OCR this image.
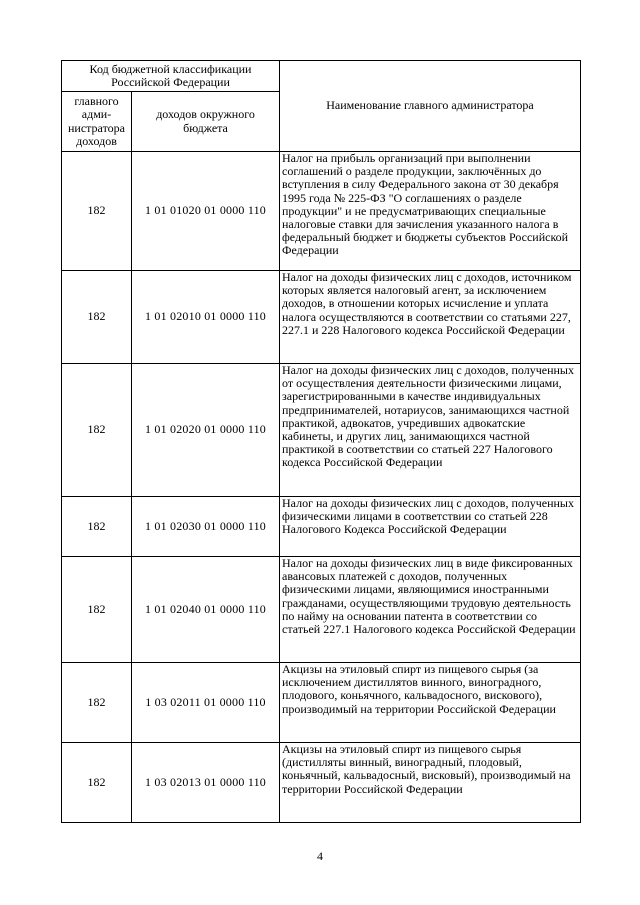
Код бюджетной классификации Российской Федерации		Наименование главного администратора
главного адми-нистратора доходов	доходов окружного бюджета	
182	1 01 01020 01 0000 110	Налог на прибыль организаций при выполнении соглашений о разделе продукции, заключённых до вступления в силу Федерального закона от 30 декабря 1995 года № 225-ФЗ "О соглашениях о разделе продукции" и не предусматривающих специальные налоговые ставки для зачисления указанного налога в федеральный бюджет и бюджеты субъектов Российской Федерации
182	1 01 02010 01 0000 110	Налог на доходы физических лиц с доходов, источником которых является налоговый агент, за исключением доходов, в отношении которых исчисление и уплата налога осуществляются в соответствии со статьями 227, 227.1 и 228 Налогового кодекса Российской Федерации
182	1 01 02020 01 0000 110	Налог на доходы физических лиц с доходов, полученных от осуществления деятельности физическими лицами, зарегистрированными в качестве индивидуальных предпринимателей, нотариусов, занимающихся частной практикой, адвокатов, учредивших адвокатские кабинеты, и других лиц, занимающихся частной практикой в соответствии со статьей 227 Налогового кодекса Российской Федерации
182	1 01 02030 01 0000 110	Налог на доходы физических лиц с доходов, полученных физическими лицами в соответствии со статьей 228 Налогового Кодекса Российской Федерации
182	1 01 02040 01 0000 110	Налог на доходы физических лиц в виде фиксированных авансовых платежей с доходов, полученных физическими лицами, являющимися иностранными гражданами, осуществляющими трудовую деятельность по найму на основании патента в соответствии со статьей 227.1 Налогового кодекса Российской Федерации
182	1 03 02011 01 0000 110	Акцизы на этиловый спирт из пищевого сырья (за исключением дистиллятов винного, виноградного, плодового, коньячного, кальвадосного, вискового), производимый на территории Российской Федерации
182	1 03 02013 01 0000 110	Акцизы на этиловый спирт из пищевого сырья (дистилляты винный, виноградный, плодовый, коньячный, кальвадосный, висковый), производимый на территории Российской Федерации
4
